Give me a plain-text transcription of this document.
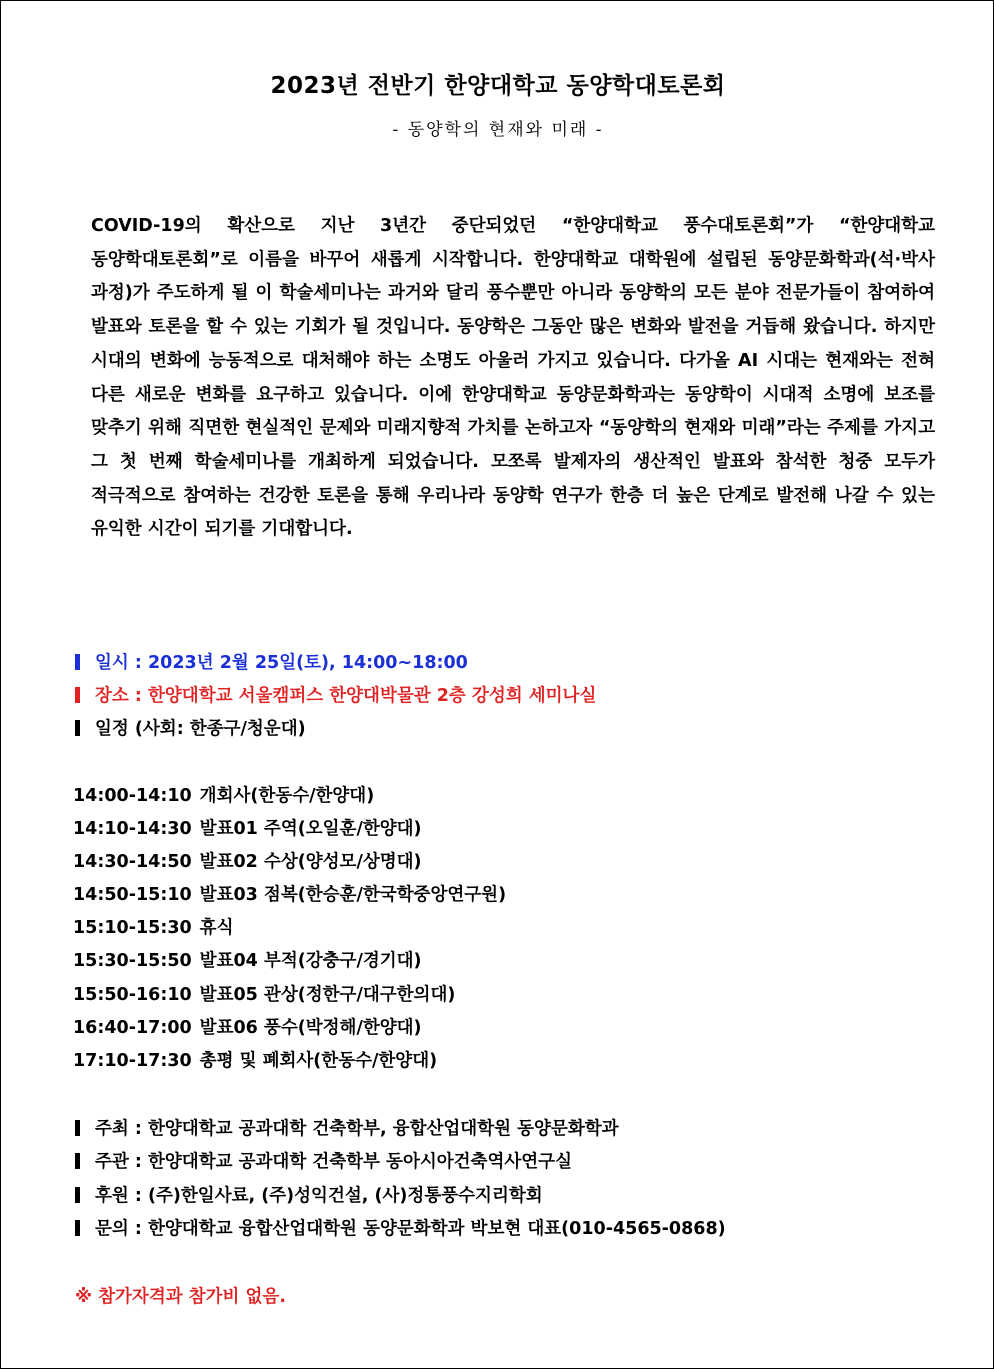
2023년 전반기 한양대학교 동양학대토론회
- 동양학의 현재와 미래 -

COVID-19의 확산으로 지난 3년간 중단되었던 “한양대학교 풍수대토론회”가 “한양대학교 동양학대토론회”로 이름을 바꾸어 새롭게 시작합니다. 한양대학교 대학원에 설립된 동양문화학과(석·박사 과정)가 주도하게 될 이 학술세미나는 과거와 달리 풍수뿐만 아니라 동양학의 모든 분야 전문가들이 참여하여 발표와 토론을 할 수 있는 기회가 될 것입니다. 동양학은 그동안 많은 변화와 발전을 거듭해 왔습니다. 하지만 시대의 변화에 능동적으로 대처해야 하는 소명도 아울러 가지고 있습니다. 다가올 AI 시대는 현재와는 전혀 다른 새로운 변화를 요구하고 있습니다. 이에 한양대학교 동양문화학과는 동양학이 시대적 소명에 보조를 맞추기 위해 직면한 현실적인 문제와 미래지향적 가치를 논하고자 “동양학의 현재와 미래”라는 주제를 가지고 그 첫 번째 학술세미나를 개최하게 되었습니다. 모쪼록 발제자의 생산적인 발표와 참석한 청중 모두가 적극적으로 참여하는 건강한 토론을 통해 우리나라 동양학 연구가 한층 더 높은 단계로 발전해 나갈 수 있는 유익한 시간이 되기를 기대합니다.

일시 : 2023년 2월 25일(토), 14:00~18:00
장소 : 한양대학교 서울캠퍼스 한양대박물관 2층 강성희 세미나실
일정 (사회: 한종구/청운대)
14:00-14:10 개회사(한동수/한양대)
14:10-14:30 발표01 주역(오일훈/한양대)
14:30-14:50 발표02 수상(양성모/상명대)
14:50-15:10 발표03 점복(한승훈/한국학중앙연구원)
15:10-15:30 휴식
15:30-15:50 발표04 부적(강충구/경기대)
15:50-16:10 발표05 관상(정한구/대구한의대)
16:40-17:00 발표06 풍수(박정해/한양대)
17:10-17:30 총평 및 폐회사(한동수/한양대)
주최 : 한양대학교 공과대학 건축학부, 융합산업대학원 동양문화학과
주관 : 한양대학교 공과대학 건축학부 동아시아건축역사연구실
후원 : (주)한일사료, (주)성익건설, (사)정통풍수지리학회
문의 : 한양대학교 융합산업대학원 동양문화학과 박보현 대표(010-4565-0868)
※ 참가자격과 참가비 없음.
